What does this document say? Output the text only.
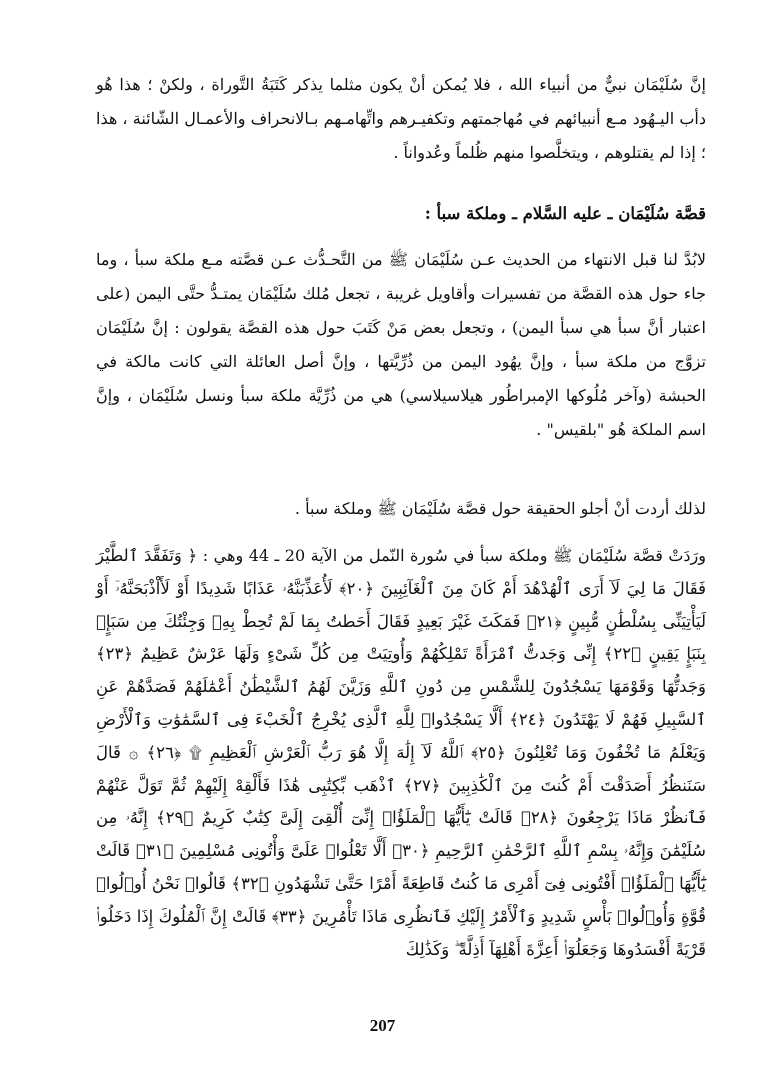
إنَّ سُلَيْمَان نبيٌّ من أنبياء الله ، فلا يُمكن أنْ يكون مثلما يذكر كَتَبَةُ التَّوراة ، ولكنْ ؛ هذا هُو دأب اليـهُود مـع أنبيائهم في مُهاجمتهم وتكفيـرهم واتِّهامـهم بـالانحراف والأعمـال الشّائنة ، هذا ؛ إذا لم يقتلوهم ، ويتخلَّصوا منهم ظُلماً وعُدواناً .

قصَّة سُلَيْمَان ـ عليه السَّلام ـ وملكة سبأ :

لابُدَّ لنا قبل الانتهاء من الحديث عـن سُلَيْمَان ﷺ من التَّحـدُّث عـن قصَّته مـع ملكة سبأ ، وما جاء حول هذه القصَّة من تفسيرات وأقاويل غريبة ، تجعل مُلك سُلَيْمَان يمتـدُّ حتَّى اليمن (على اعتبار أنَّ سبأ هي سبأ اليمن) ، وتجعل بعض مَنْ كَتَبَ حول هذه القصَّة يقولون : إنَّ سُلَيْمَان تزوَّج من ملكة سبأ ، وإنَّ يهُود اليمن من ذُرِّيَّتها ، وإنَّ أصل العائلة التي كانت مالكة في الحبشة (وآخر مُلُوكها الإمبراطُور هيلاسيلاسي) هي من ذُرِّيَّة ملكة سبأ ونسل سُلَيْمَان ، وإنَّ اسم الملكة هُو "بلقيس" .

لذلك أردت أنْ أجلو الحقيقة حول قصَّة سُلَيْمَان ﷺ وملكة سبأ .

ورَدَتْ قصَّة سُلَيْمَان ﷺ وملكة سبأ في سُورة النّمل من الآية 20 ـ 44 وهي : ﴿ وَتَفَقَّدَ ٱلطَّيْرَ فَقَالَ مَا لِيَ لَآ أَرَى ٱلْهُدْهُدَ أَمْ كَانَ مِنَ ٱلْغَآئِبِينَ ﴿٢٠﴾ لَأُعَذِّبَنَّهُۥ عَذَابًا شَدِيدًا أَوْ لَأَاْذْبَحَنَّهُۥٓ أَوْ لَيَأْتِيَنِّى بِسُلْطَٰنٍ مُّبِينٍ ﴿٢١﴾ فَمَكَثَ غَيْرَ بَعِيدٍ فَقَالَ أَحَطتُ بِمَا لَمْ تُحِطْ بِهِۦ وَجِئْتُكَ مِن سَبَإٍۭ بِنَبَإٍ يَقِينٍ ﴿٢٢﴾ إِنِّى وَجَدتُّ ٱمْرَأَةً تَمْلِكُهُمْ وَأُوتِيَتْ مِن كُلِّ شَىْءٍ وَلَهَا عَرْشٌ عَظِيمٌ ﴿٢٣﴾ وَجَدتُّهَا وَقَوْمَهَا يَسْجُدُونَ لِلشَّمْسِ مِن دُونِ ٱللَّهِ وَزَيَّنَ لَهُمُ ٱلشَّيْطَٰنُ أَعْمَٰلَهُمْ فَصَدَّهُمْ عَنِ ٱلسَّبِيلِ فَهُمْ لَا يَهْتَدُونَ ﴿٢٤﴾ أَلَّا يَسْجُدُوا۟ لِلَّهِ ٱلَّذِى يُخْرِجُ ٱلْخَبْءَ فِى ٱلسَّمَٰوَٰتِ وَٱلْأَرْضِ وَيَعْلَمُ مَا تُخْفُونَ وَمَا تُعْلِنُونَ ﴿٢٥﴾ ٱللَّهُ لَآ إِلَٰهَ إِلَّا هُوَ رَبُّ ٱلْعَرْشِ ٱلْعَظِيمِ ۩ ﴿٢٦﴾ ۞ قَالَ سَنَنظُرُ أَصَدَقْتَ أَمْ كُنتَ مِنَ ٱلْكَٰذِبِينَ ﴿٢٧﴾ ٱذْهَب بِّكِتَٰبِى هَٰذَا فَأَلْقِهْ إِلَيْهِمْ ثُمَّ تَوَلَّ عَنْهُمْ فَٱنظُرْ مَاذَا يَرْجِعُونَ ﴿٢٨﴾ قَالَتْ يَٰٓأَيُّهَا ٱلْمَلَؤُا۟ إِنِّىٓ أُلْقِىَ إِلَىَّ كِتَٰبٌ كَرِيمٌ ﴿٢٩﴾ إِنَّهُۥ مِن سُلَيْمَٰنَ وَإِنَّهُۥ بِسْمِ ٱللَّهِ ٱلرَّحْمَٰنِ ٱلرَّحِيمِ ﴿٣٠﴾ أَلَّا تَعْلُوا۟ عَلَىَّ وَأْتُونِى مُسْلِمِينَ ﴿٣١﴾ قَالَتْ يَٰٓأَيُّهَا ٱلْمَلَؤُا۟ أَفْتُونِى فِىٓ أَمْرِى مَا كُنتُ قَاطِعَةً أَمْرًا حَتَّىٰ تَشْهَدُونِ ﴿٣٢﴾ قَالُوا۟ نَحْنُ أُو۟لُوا۟ قُوَّةٍ وَأُو۟لُوا۟ بَأْسٍ شَدِيدٍ وَٱلْأَمْرُ إِلَيْكِ فَٱنظُرِى مَاذَا تَأْمُرِينَ ﴿٣٣﴾ قَالَتْ إِنَّ ٱلْمُلُوكَ إِذَا دَخَلُوا۟ قَرْيَةً أَفْسَدُوهَا وَجَعَلُوٓا۟ أَعِزَّةَ أَهْلِهَآ أَذِلَّةً ۖ وَكَذَٰلِكَ

207
